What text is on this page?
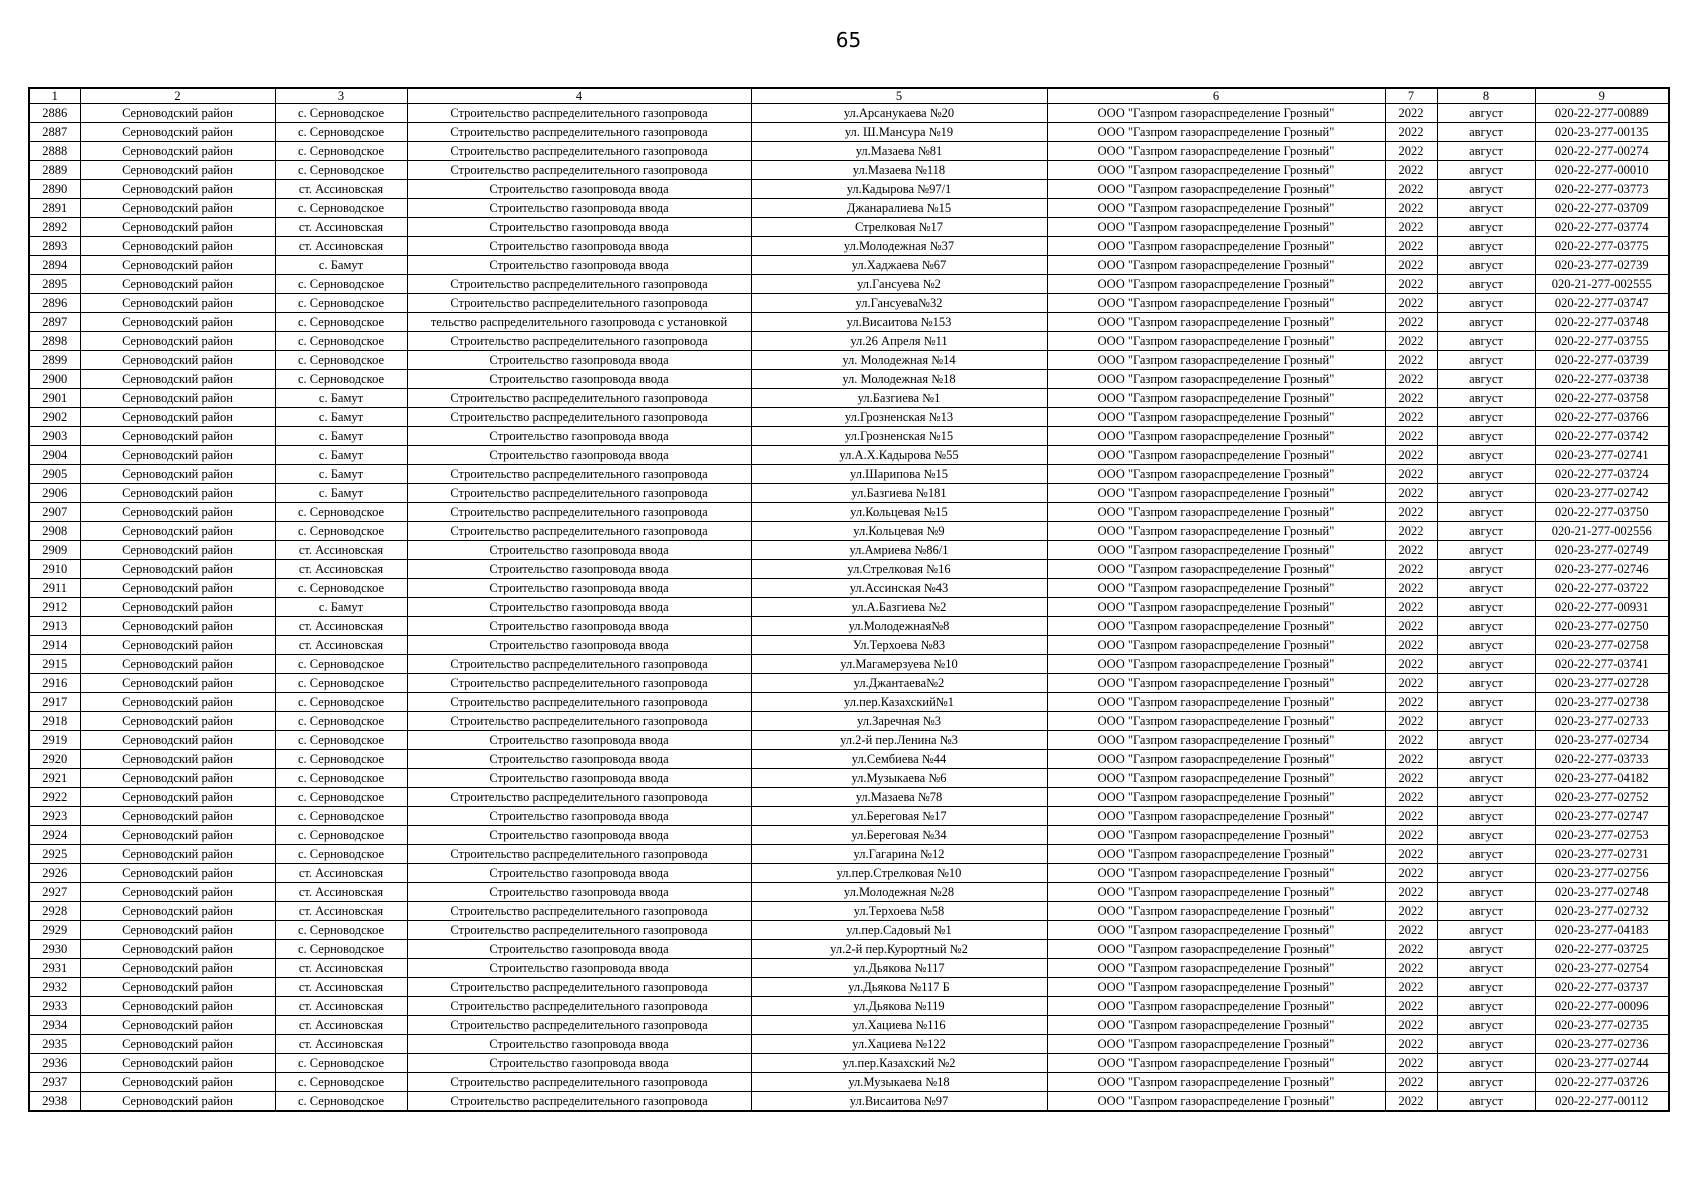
65
1	2	3	4	5	6	7	8	9
2886	Серноводский район	с. Серноводское	Строительство распределительного газопровода	ул.Арсанукаева №20	ООО "Газпром газораспределение Грозный"	2022	август	020-22-277-00889
2887	Серноводский район	с. Серноводское	Строительство распределительного газопровода	ул. Ш.Мансура №19	ООО "Газпром газораспределение Грозный"	2022	август	020-23-277-00135
2888	Серноводский район	с. Серноводское	Строительство распределительного газопровода	ул.Мазаева №81	ООО "Газпром газораспределение Грозный"	2022	август	020-22-277-00274
2889	Серноводский район	с. Серноводское	Строительство распределительного газопровода	ул.Мазаева №118	ООО "Газпром газораспределение Грозный"	2022	август	020-22-277-00010
2890	Серноводский район	ст. Ассиновская	Строительство газопровода ввода	ул.Кадырова №97/1	ООО "Газпром газораспределение Грозный"	2022	август	020-22-277-03773
2891	Серноводский район	с. Серноводское	Строительство газопровода ввода	Джанаралиева №15	ООО "Газпром газораспределение Грозный"	2022	август	020-22-277-03709
2892	Серноводский район	ст. Ассиновская	Строительство газопровода ввода	Стрелковая №17	ООО "Газпром газораспределение Грозный"	2022	август	020-22-277-03774
2893	Серноводский район	ст. Ассиновская	Строительство газопровода ввода	ул.Молодежная №37	ООО "Газпром газораспределение Грозный"	2022	август	020-22-277-03775
2894	Серноводский район	с. Бамут	Строительство газопровода ввода	ул.Хаджаева №67	ООО "Газпром газораспределение Грозный"	2022	август	020-23-277-02739
2895	Серноводский район	с. Серноводское	Строительство распределительного газопровода	ул.Гансуева №2	ООО "Газпром газораспределение Грозный"	2022	август	020-21-277-002555
2896	Серноводский район	с. Серноводское	Строительство распределительного газопровода	ул.Гансуева№32	ООО "Газпром газораспределение Грозный"	2022	август	020-22-277-03747
2897	Серноводский район	с. Серноводское	тельство распределительного газопровода с установкой	ул.Висаитова №153	ООО "Газпром газораспределение Грозный"	2022	август	020-22-277-03748
2898	Серноводский район	с. Серноводское	Строительство распределительного газопровода	ул.26 Апреля №11	ООО "Газпром газораспределение Грозный"	2022	август	020-22-277-03755
2899	Серноводский район	с. Серноводское	Строительство газопровода ввода	ул. Молодежная №14	ООО "Газпром газораспределение Грозный"	2022	август	020-22-277-03739
2900	Серноводский район	с. Серноводское	Строительство газопровода ввода	ул. Молодежная №18	ООО "Газпром газораспределение Грозный"	2022	август	020-22-277-03738
2901	Серноводский район	с. Бамут	Строительство распределительного газопровода	ул.Базгиева №1	ООО "Газпром газораспределение Грозный"	2022	август	020-22-277-03758
2902	Серноводский район	с. Бамут	Строительство распределительного газопровода	ул.Грозненская №13	ООО "Газпром газораспределение Грозный"	2022	август	020-22-277-03766
2903	Серноводский район	с. Бамут	Строительство газопровода ввода	ул.Грозненская №15	ООО "Газпром газораспределение Грозный"	2022	август	020-22-277-03742
2904	Серноводский район	с. Бамут	Строительство газопровода ввода	ул.А.Х.Кадырова №55	ООО "Газпром газораспределение Грозный"	2022	август	020-23-277-02741
2905	Серноводский район	с. Бамут	Строительство распределительного газопровода	ул.Шарипова №15	ООО "Газпром газораспределение Грозный"	2022	август	020-22-277-03724
2906	Серноводский район	с. Бамут	Строительство распределительного газопровода	ул.Базгиева №181	ООО "Газпром газораспределение Грозный"	2022	август	020-23-277-02742
2907	Серноводский район	с. Серноводское	Строительство распределительного газопровода	ул.Кольцевая №15	ООО "Газпром газораспределение Грозный"	2022	август	020-22-277-03750
2908	Серноводский район	с. Серноводское	Строительство распределительного газопровода	ул.Кольцевая №9	ООО "Газпром газораспределение Грозный"	2022	август	020-21-277-002556
2909	Серноводский район	ст. Ассиновская	Строительство газопровода ввода	ул.Амриева №86/1	ООО "Газпром газораспределение Грозный"	2022	август	020-23-277-02749
2910	Серноводский район	ст. Ассиновская	Строительство газопровода ввода	ул.Стрелковая №16	ООО "Газпром газораспределение Грозный"	2022	август	020-23-277-02746
2911	Серноводский район	с. Серноводское	Строительство газопровода ввода	ул.Ассинская №43	ООО "Газпром газораспределение Грозный"	2022	август	020-22-277-03722
2912	Серноводский район	с. Бамут	Строительство газопровода ввода	ул.А.Базгиева №2	ООО "Газпром газораспределение Грозный"	2022	август	020-22-277-00931
2913	Серноводский район	ст. Ассиновская	Строительство газопровода ввода	ул.Молодежная№8	ООО "Газпром газораспределение Грозный"	2022	август	020-23-277-02750
2914	Серноводский район	ст. Ассиновская	Строительство газопровода ввода	Ул.Терхоева №83	ООО "Газпром газораспределение Грозный"	2022	август	020-23-277-02758
2915	Серноводский район	с. Серноводское	Строительство распределительного газопровода	ул.Магамерзуева №10	ООО "Газпром газораспределение Грозный"	2022	август	020-22-277-03741
2916	Серноводский район	с. Серноводское	Строительство распределительного газопровода	ул.Джантаева№2	ООО "Газпром газораспределение Грозный"	2022	август	020-23-277-02728
2917	Серноводский район	с. Серноводское	Строительство распределительного газопровода	ул.пер.Казахский№1	ООО "Газпром газораспределение Грозный"	2022	август	020-23-277-02738
2918	Серноводский район	с. Серноводское	Строительство распределительного газопровода	ул.Заречная №3	ООО "Газпром газораспределение Грозный"	2022	август	020-23-277-02733
2919	Серноводский район	с. Серноводское	Строительство газопровода ввода	ул.2-й пер.Ленина №3	ООО "Газпром газораспределение Грозный"	2022	август	020-23-277-02734
2920	Серноводский район	с. Серноводское	Строительство газопровода ввода	ул.Сембиева №44	ООО "Газпром газораспределение Грозный"	2022	август	020-22-277-03733
2921	Серноводский район	с. Серноводское	Строительство газопровода ввода	ул.Музыкаева №6	ООО "Газпром газораспределение Грозный"	2022	август	020-23-277-04182
2922	Серноводский район	с. Серноводское	Строительство распределительного газопровода	ул.Мазаева №78	ООО "Газпром газораспределение Грозный"	2022	август	020-23-277-02752
2923	Серноводский район	с. Серноводское	Строительство газопровода ввода	ул.Береговая №17	ООО "Газпром газораспределение Грозный"	2022	август	020-23-277-02747
2924	Серноводский район	с. Серноводское	Строительство газопровода ввода	ул.Береговая №34	ООО "Газпром газораспределение Грозный"	2022	август	020-23-277-02753
2925	Серноводский район	с. Серноводское	Строительство распределительного газопровода	ул.Гагарина №12	ООО "Газпром газораспределение Грозный"	2022	август	020-23-277-02731
2926	Серноводский район	ст. Ассиновская	Строительство газопровода ввода	ул.пер.Стрелковая №10	ООО "Газпром газораспределение Грозный"	2022	август	020-23-277-02756
2927	Серноводский район	ст. Ассиновская	Строительство газопровода ввода	ул.Молодежная №28	ООО "Газпром газораспределение Грозный"	2022	август	020-23-277-02748
2928	Серноводский район	ст. Ассиновская	Строительство распределительного газопровода	ул.Терхоева №58	ООО "Газпром газораспределение Грозный"	2022	август	020-23-277-02732
2929	Серноводский район	с. Серноводское	Строительство распределительного газопровода	ул.пер.Садовый №1	ООО "Газпром газораспределение Грозный"	2022	август	020-23-277-04183
2930	Серноводский район	с. Серноводское	Строительство газопровода ввода	ул.2-й пер.Курортный №2	ООО "Газпром газораспределение Грозный"	2022	август	020-22-277-03725
2931	Серноводский район	ст. Ассиновская	Строительство газопровода ввода	ул.Дьякова №117	ООО "Газпром газораспределение Грозный"	2022	август	020-23-277-02754
2932	Серноводский район	ст. Ассиновская	Строительство распределительного газопровода	ул.Дьякова №117 Б	ООО "Газпром газораспределение Грозный"	2022	август	020-22-277-03737
2933	Серноводский район	ст. Ассиновская	Строительство распределительного газопровода	ул.Дьякова №119	ООО "Газпром газораспределение Грозный"	2022	август	020-22-277-00096
2934	Серноводский район	ст. Ассиновская	Строительство распределительного газопровода	ул.Хациева №116	ООО "Газпром газораспределение Грозный"	2022	август	020-23-277-02735
2935	Серноводский район	ст. Ассиновская	Строительство газопровода ввода	ул.Хациева №122	ООО "Газпром газораспределение Грозный"	2022	август	020-23-277-02736
2936	Серноводский район	с. Серноводское	Строительство газопровода ввода	ул.пер.Казахский №2	ООО "Газпром газораспределение Грозный"	2022	август	020-23-277-02744
2937	Серноводский район	с. Серноводское	Строительство распределительного газопровода	ул.Музыкаева №18	ООО "Газпром газораспределение Грозный"	2022	август	020-22-277-03726
2938	Серноводский район	с. Серноводское	Строительство распределительного газопровода	ул.Висаитова №97	ООО "Газпром газораспределение Грозный"	2022	август	020-22-277-00112
